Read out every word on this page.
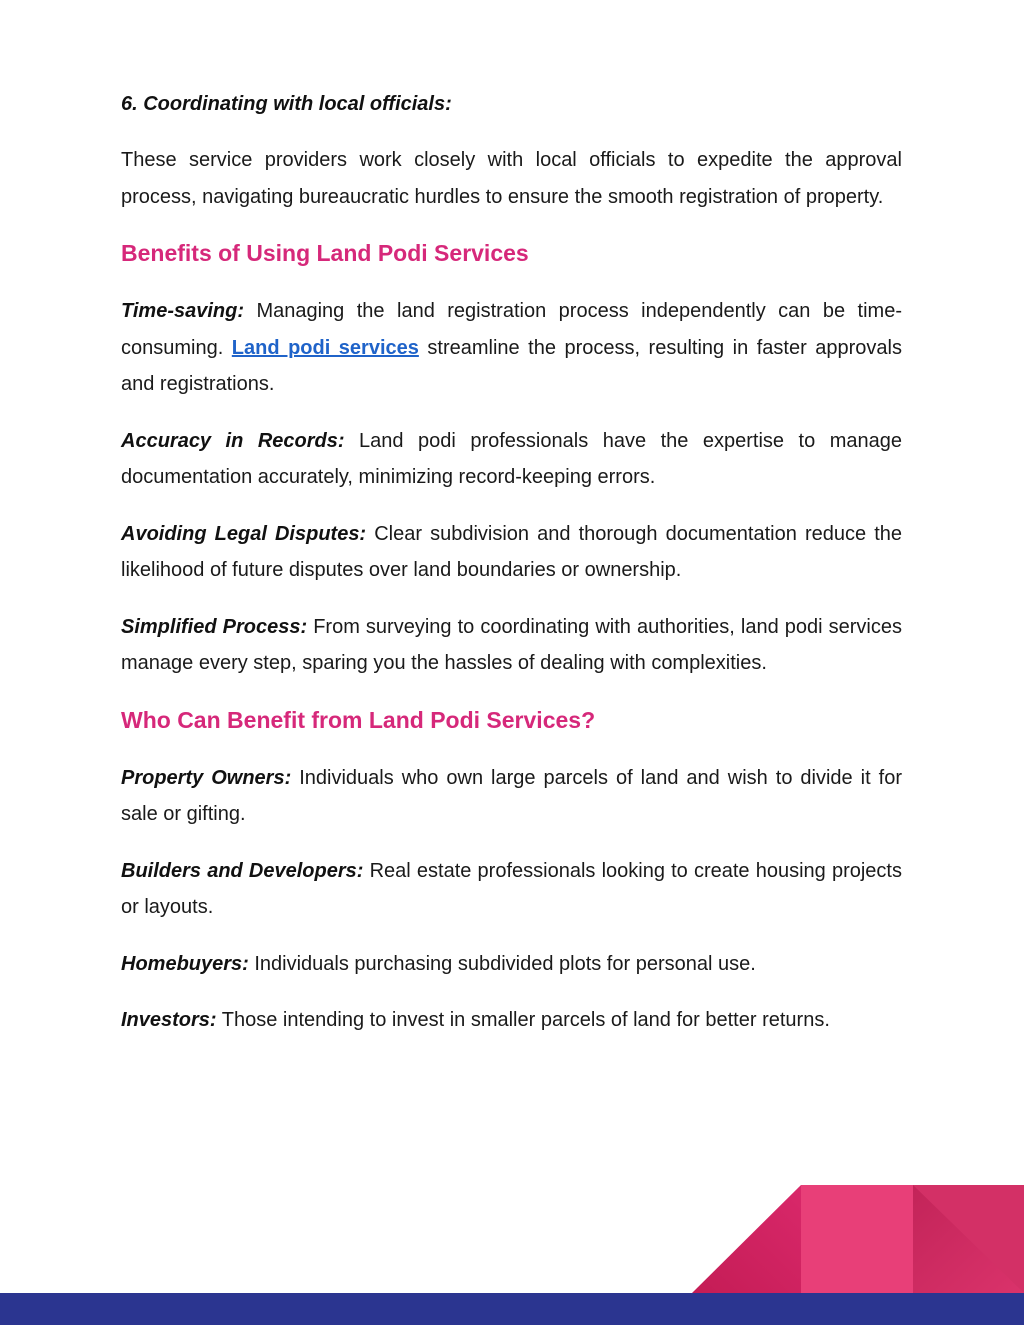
6. Coordinating with local officials:

These service providers work closely with local officials to expedite the approval process, navigating bureaucratic hurdles to ensure the smooth registration of property.

Benefits of Using Land Podi Services

Time-saving: Managing the land registration process independently can be time-consuming. Land podi services streamline the process, resulting in faster approvals and registrations.

Accuracy in Records: Land podi professionals have the expertise to manage documentation accurately, minimizing record-keeping errors.

Avoiding Legal Disputes: Clear subdivision and thorough documentation reduce the likelihood of future disputes over land boundaries or ownership.

Simplified Process: From surveying to coordinating with authorities, land podi services manage every step, sparing you the hassles of dealing with complexities.

Who Can Benefit from Land Podi Services?

Property Owners: Individuals who own large parcels of land and wish to divide it for sale or gifting.

Builders and Developers: Real estate professionals looking to create housing projects or layouts.

Homebuyers: Individuals purchasing subdivided plots for personal use.

Investors: Those intending to invest in smaller parcels of land for better returns.
